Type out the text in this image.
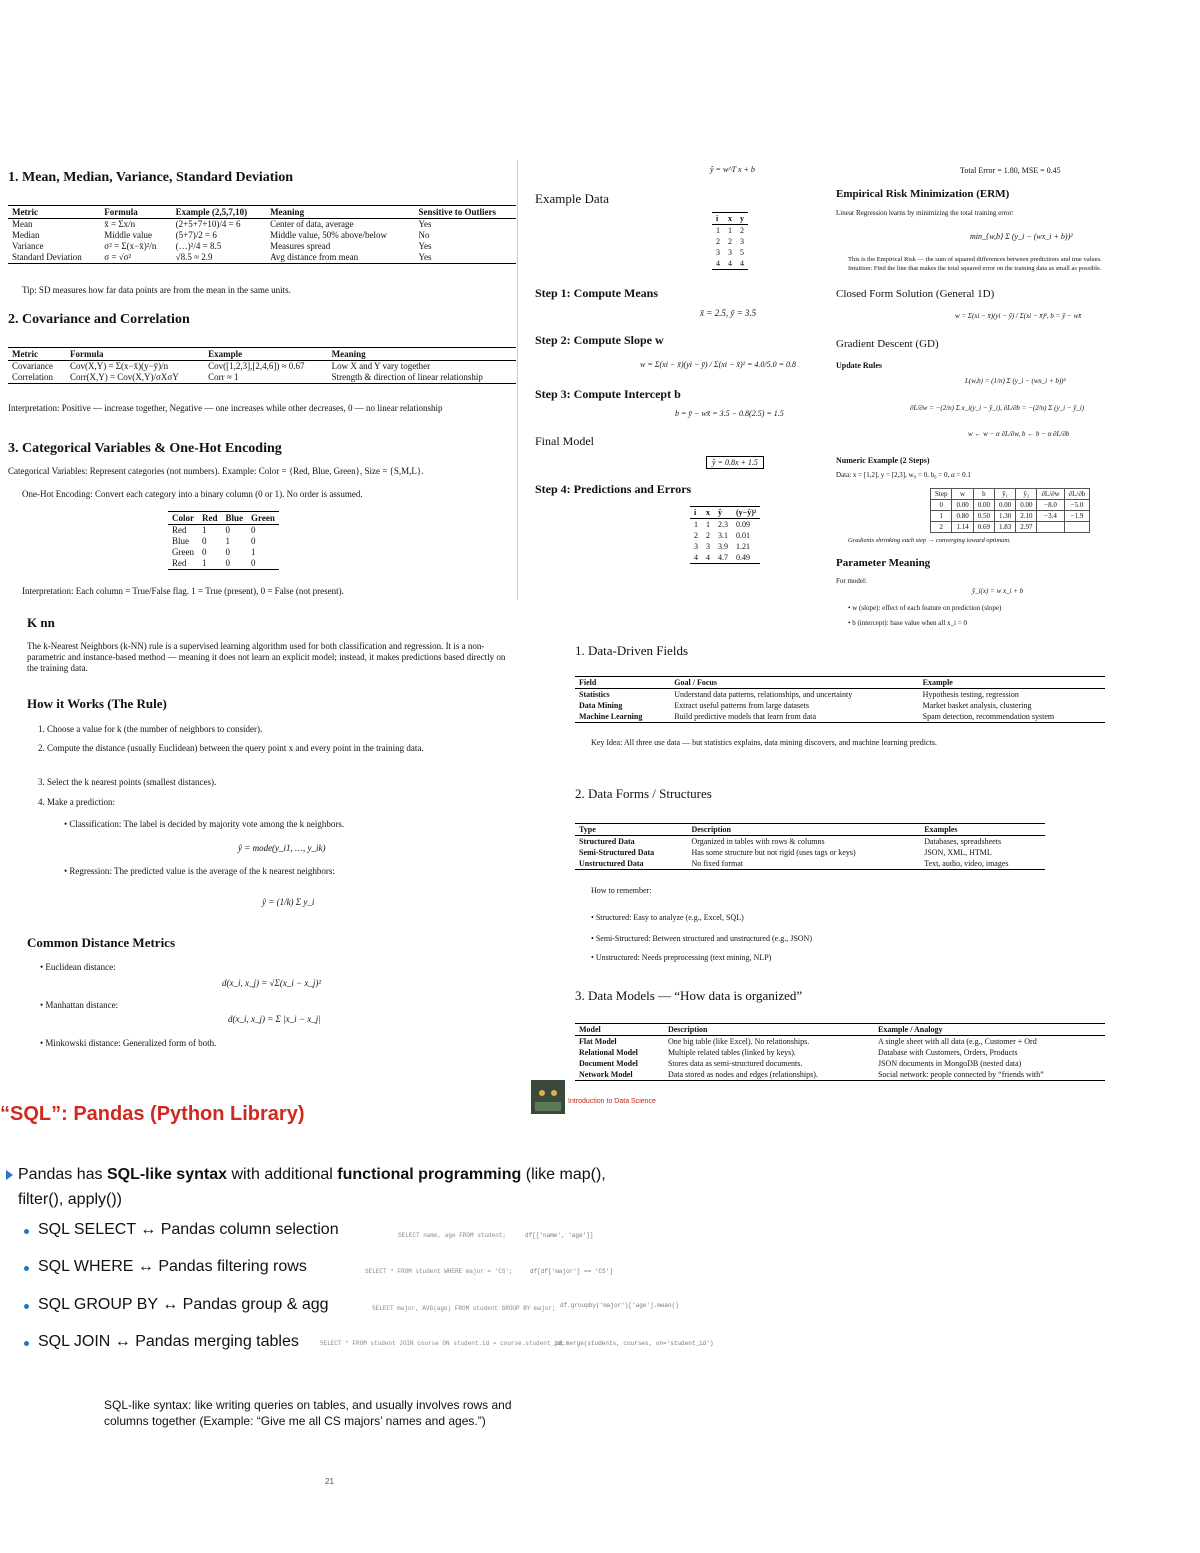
1. Mean, Median, Variance, Standard Deviation
Metric	Formula	Example (2,5,7,10)	Meaning	Sensitive to Outliers
Mean	x̄ = Σx/n	(2+5+7+10)/4 = 6	Center of data, average	Yes
Median	Middle value	(5+7)/2 = 6	Middle value, 50% above/below	No
Variance	σ² = Σ(x−x̄)²/n	(…)²/4 = 8.5	Measures spread	Yes
Standard Deviation	σ = √σ²	√8.5 ≈ 2.9	Avg distance from mean	Yes
Tip: SD measures how far data points are from the mean in the same units.
2. Covariance and Correlation
Metric	Formula	Example	Meaning
Covariance	Cov(X,Y) = Σ(x−x̄)(y−ȳ)/n	Cov([1,2,3],[2,4,6]) ≈ 0.67	Low X and Y vary together
Correlation	Corr(X,Y) = Cov(X,Y)/σXσY	Corr ≈ 1	Strength & direction of linear relationship
Interpretation: Positive — increase together, Negative — one increases while other decreases, 0 — no linear relationship
3. Categorical Variables & One-Hot Encoding
Categorical Variables: Represent categories (not numbers). Example: Color = {Red, Blue, Green}, Size = {S,M,L}.
One-Hot Encoding: Convert each category into a binary column (0 or 1). No order is assumed.
Color	Red	Blue	Green
Red	1	0	0
Blue	0	1	0
Green	0	0	1
Red	1	0	0
Interpretation: Each column = True/False flag. 1 = True (present), 0 = False (not present).
K nn
The k-Nearest Neighbors (k-NN) rule is a supervised learning algorithm used for both classification and regression. It is a non-parametric and instance-based method — meaning it does not learn an explicit model; instead, it makes predictions based directly on the training data.
How it Works (The Rule)
1. Choose a value for k (the number of neighbors to consider).
2. Compute the distance (usually Euclidean) between the query point x and every point in the training data.
3. Select the k nearest points (smallest distances).
4. Make a prediction:
• Classification: The label is decided by majority vote among the k neighbors.
ŷ = mode(y_i1, …, y_ik)
• Regression: The predicted value is the average of the k nearest neighbors:
ŷ = (1/k) Σ y_i
Common Distance Metrics
• Euclidean distance:
d(x_i, x_j) = √Σ(x_i − x_j)²
• Manhattan distance:
d(x_i, x_j) = Σ |x_i − x_j|
• Minkowski distance: Generalized form of both.
ŷ = w^T x + b
Example Data
i	x	y
1	1	2
2	2	3
3	3	5
4	4	4
Step 1: Compute Means
x̄ = 2.5, ȳ = 3.5
Step 2: Compute Slope w
w = Σ(xi − x̄)(yi − ȳ) / Σ(xi − x̄)² = 4.0/5.0 = 0.8
Step 3: Compute Intercept b
b = ȳ − wx̄ = 3.5 − 0.8(2.5) = 1.5
Final Model
ŷ = 0.8x + 1.5
Step 4: Predictions and Errors
i	x	ŷ	(y−ŷ)²
1	1	2.3	0.09
2	2	3.1	0.01
3	3	3.9	1.21
4	4	4.7	0.49
Total Error = 1.80, MSE = 0.45
Empirical Risk Minimization (ERM)
Linear Regression learns by minimizing the total training error:
min_{w,b} Σ (y_i − (wx_i + b))²
This is the Empirical Risk — the sum of squared differences between predictions and true values.
Intuition: Find the line that makes the total squared error on the training data as small as possible.
Closed Form Solution (General 1D)
w = Σ(xi − x̄)(yi − ȳ) / Σ(xi − x̄)², b = ȳ − wx̄
Gradient Descent (GD)
Update Rules
L(w,b) = (1/n) Σ (y_i − (wx_i + b))²
∂L/∂w = −(2/n) Σ x_i(y_i − ŷ_i), ∂L/∂b = −(2/n) Σ (y_i − ŷ_i)
w ← w − α ∂L/∂w, b ← b − α ∂L/∂b
Numeric Example (2 Steps)
Data: x = [1,2], y = [2,3], w₀ = 0, b₀ = 0, α = 0.1
Step	w	b	ŷ₁	ŷ₂	∂L/∂w	∂L/∂b
0	0.00	0.00	0.00	0.00	−8.0	−5.0
1	0.80	0.50	1.30	2.10	−3.4	−1.9
2	1.14	0.69	1.83	2.97		
Gradients shrinking each step → converging toward optimum.
Parameter Meaning
For model:
ŷ_i(x) = w x_i + b
• w (slope): effect of each feature on prediction (slope)
• b (intercept): base value when all x_i = 0
1. Data-Driven Fields
Field	Goal / Focus	Example
Statistics	Understand data patterns, relationships, and uncertainty	Hypothesis testing, regression
Data Mining	Extract useful patterns from large datasets	Market basket analysis, clustering
Machine Learning	Build predictive models that learn from data	Spam detection, recommendation system
Key Idea: All three use data — but statistics explains, data mining discovers, and machine learning predicts.
2. Data Forms / Structures
Type	Description	Examples
Structured Data	Organized in tables with rows & columns	Databases, spreadsheets
Semi-Structured Data	Has some structure but not rigid (uses tags or keys)	JSON, XML, HTML
Unstructured Data	No fixed format	Text, audio, video, images
How to remember:
• Structured: Easy to analyze (e.g., Excel, SQL)
• Semi-Structured: Between structured and unstructured (e.g., JSON)
• Unstructured: Needs preprocessing (text mining, NLP)
3. Data Models — “How data is organized”
Model	Description	Example / Analogy
Flat Model	One big table (like Excel). No relationships.	A single sheet with all data (e.g., Customer + Ord
Relational Model	Multiple related tables (linked by keys).	Database with Customers, Orders, Products
Document Model	Stores data as semi-structured documents.	JSON documents in MongoDB (nested data)
Network Model	Data stored as nodes and edges (relationships).	Social network: people connected by “friends with”
Introduction to Data Science
“SQL”: Pandas (Python Library)
Pandas has SQL-like syntax with additional functional programming (like map(),
filter(), apply())
SQL SELECT ↔ Pandas column selection	SELECT name, age FROM student;	df[['name', 'age']]
SQL WHERE ↔ Pandas filtering rows	SELECT * FROM student WHERE major = 'CS';	df[df['major'] == 'CS']
SQL GROUP BY ↔ Pandas group & agg	SELECT major, AVG(age) FROM student GROUP BY major; df.groupby('major')['age'].mean()
SQL JOIN ↔ Pandas merging tables	SELECT * FROM student JOIN course ON student.id = course.student_id;
pd.merge(students, courses, on='student_id')
SQL-like syntax: like writing queries on tables, and usually involves rows and
columns together (Example: “Give me all CS majors’ names and ages.”)
21
